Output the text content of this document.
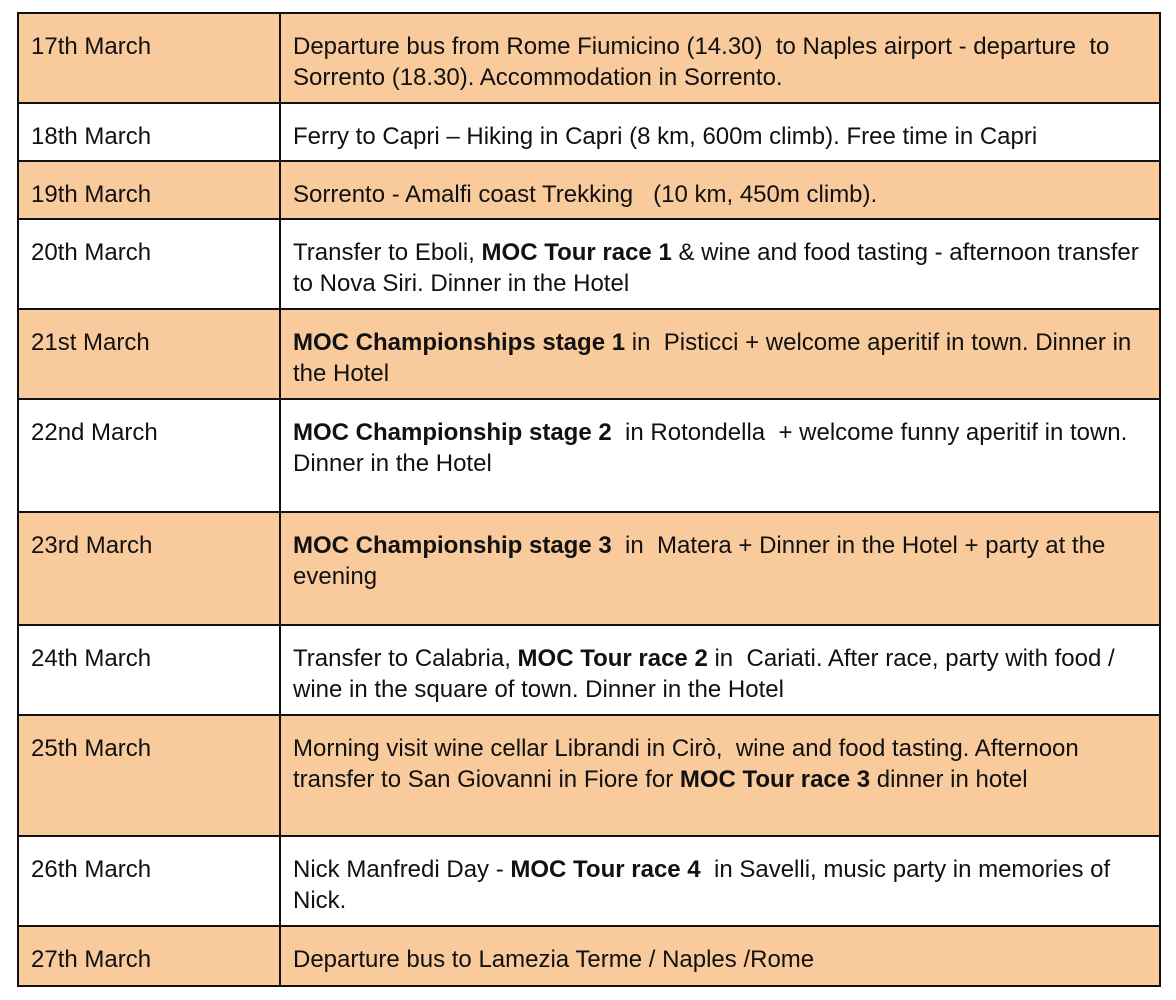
17th March	Departure bus from Rome Fiumicino (14.30)  to Naples airport - departure  to Sorrento (18.30). Accommodation in Sorrento.
18th March	Ferry to Capri – Hiking in Capri (8 km, 600m climb). Free time in Capri
19th March	Sorrento - Amalfi coast Trekking   (10 km, 450m climb).
20th March	Transfer to Eboli, MOC Tour race 1 & wine and food tasting - afternoon transfer to Nova Siri. Dinner in the Hotel
21st March	MOC Championships stage 1 in  Pisticci + welcome aperitif in town. Dinner in the Hotel
22nd March	MOC Championship stage 2  in Rotondella  + welcome funny aperitif in town. Dinner in the Hotel
23rd March	MOC Championship stage 3  in  Matera + Dinner in the Hotel + party at the evening
24th March	Transfer to Calabria, MOC Tour race 2 in  Cariati. After race, party with food / wine in the square of town. Dinner in the Hotel
25th March	Morning visit wine cellar Librandi in Cirò,  wine and food tasting. Afternoon transfer to San Giovanni in Fiore for MOC Tour race 3 dinner in hotel
26th March	Nick Manfredi Day - MOC Tour race 4  in Savelli, music party in memories of Nick.
27th March	Departure bus to Lamezia Terme / Naples /Rome
